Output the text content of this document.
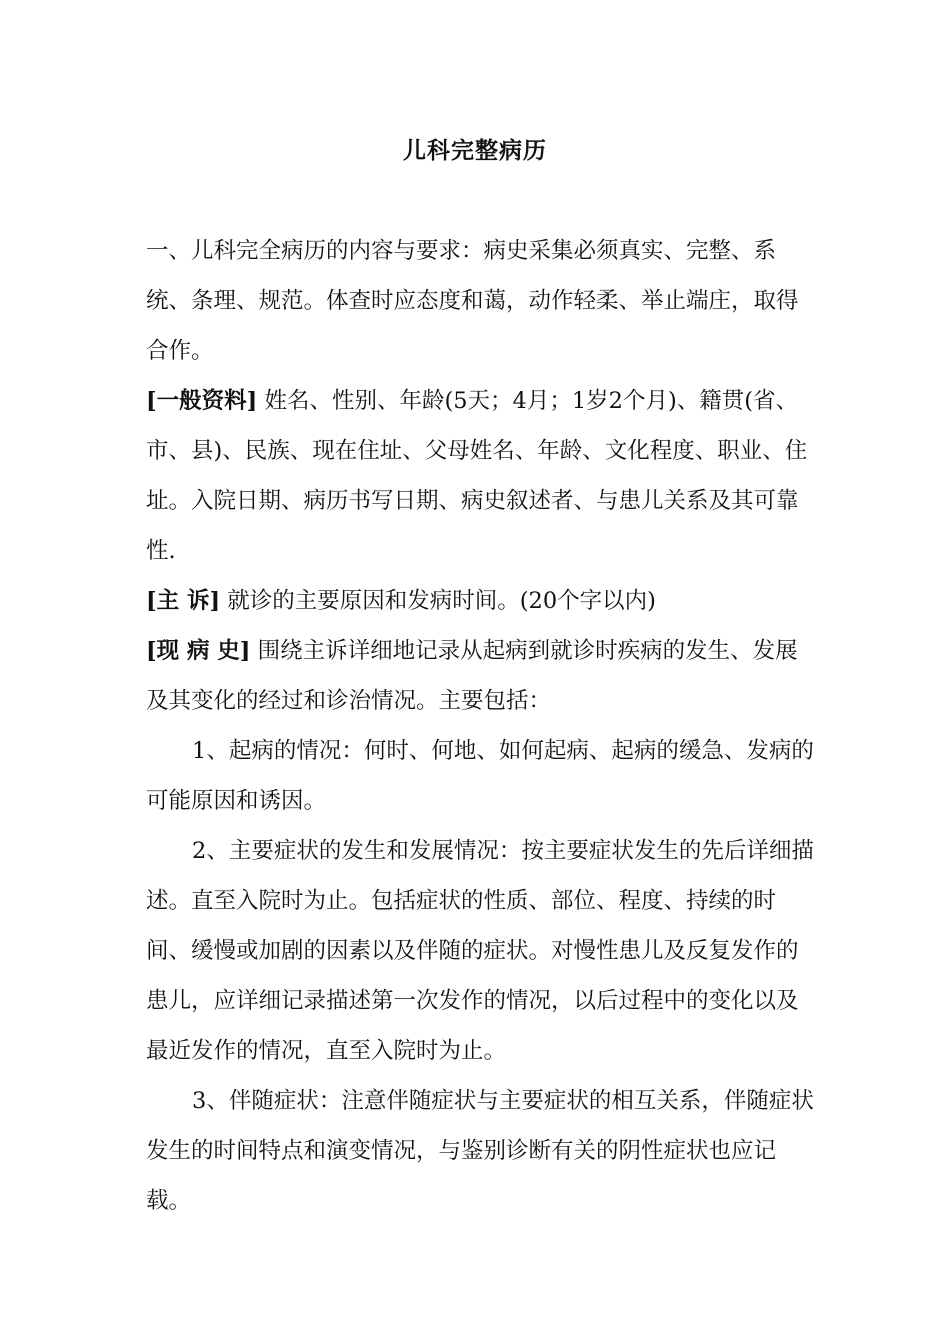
儿科完整病历

一、儿科完全病历的内容与要求：病史采集必须真实、完整、系统、条理、规范。体查时应态度和蔼，动作轻柔、举止端庄，取得合作。

[一般资料] 姓名、性别、年龄(5天；4月；1岁2个月)、籍贯(省、市、县)、民族、现在住址、父母姓名、年龄、文化程度、职业、住址。入院日期、病历书写日期、病史叙述者、与患儿关系及其可靠性.

[主 诉] 就诊的主要原因和发病时间。(20个字以内)

[现 病 史] 围绕主诉详细地记录从起病到就诊时疾病的发生、发展及其变化的经过和诊治情况。主要包括：

1、起病的情况：何时、何地、如何起病、起病的缓急、发病的可能原因和诱因。

2、主要症状的发生和发展情况：按主要症状发生的先后详细描述。直至入院时为止。包括症状的性质、部位、程度、持续的时间、缓慢或加剧的因素以及伴随的症状。对慢性患儿及反复发作的患儿，应详细记录描述第一次发作的情况，以后过程中的变化以及最近发作的情况，直至入院时为止。

3、伴随症状：注意伴随症状与主要症状的相互关系，伴随症状发生的时间特点和演变情况，与鉴别诊断有关的阴性症状也应记载。
